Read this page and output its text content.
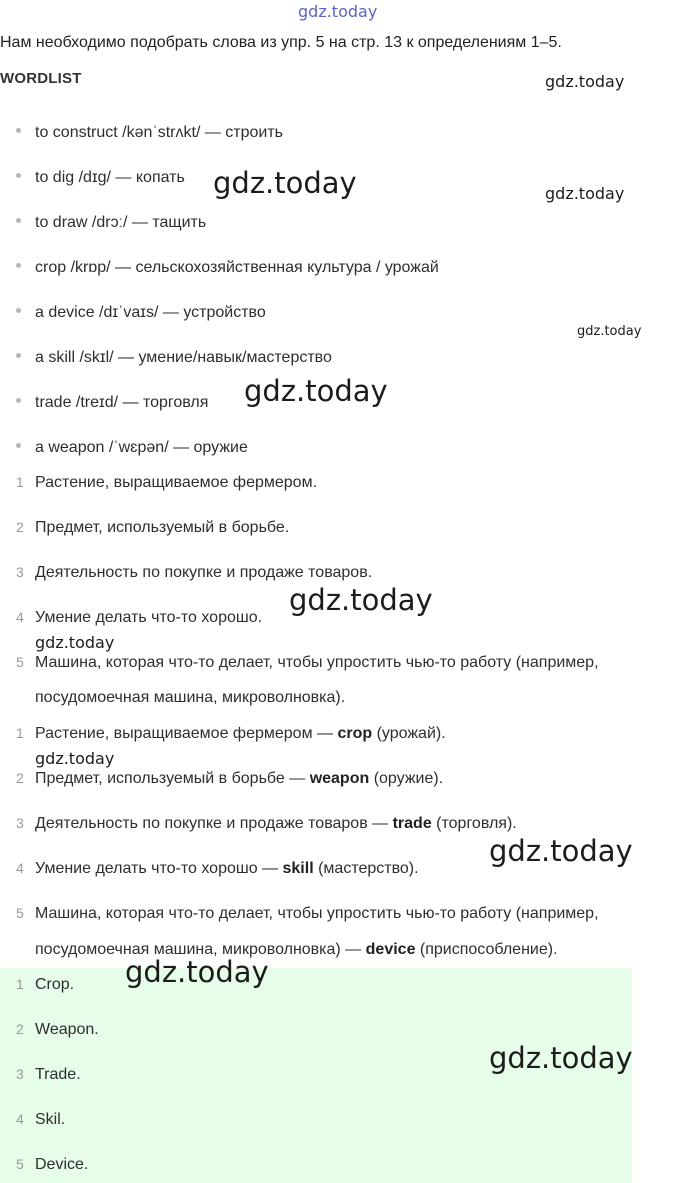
gdz.today
Нам необходимо подобрать слова из упр. 5 на стр. 13 к определениям 1–5.
WORDLIST
to construct /kənˈstrʌkt/ — строить
to dig /dɪg/ — копать
to draw /drɔː/ — тащить
crop /krɒp/ — сельскохозяйственная культура / урожай
a device /dɪˈvaɪs/ — устройство
a skill /skɪl/ — умение/навык/мастерство
trade /treɪd/ — торговля
a weapon /ˈwɛpən/ — оружие
1 Растение, выращиваемое фермером.
2 Предмет, используемый в борьбе.
3 Деятельность по покупке и продаже товаров.
4 Умение делать что-то хорошо.
5 Машина, которая что-то делает, чтобы упростить чью-то работу (например,
посудомоечная машина, микроволновка).
1 Растение, выращиваемое фермером — crop (урожай).
2 Предмет, используемый в борьбе — weapon (оружие).
3 Деятельность по покупке и продаже товаров — trade (торговля).
4 Умение делать что-то хорошо — skill (мастерство).
5 Машина, которая что-то делает, чтобы упростить чью-то работу (например,
посудомоечная машина, микроволновка) — device (приспособление).
1 Crop.
2 Weapon.
3 Trade.
4 Skil.
5 Device.
gdz.today
gdz.today	gdz.today
gdz.today
gdz.today
gdz.today
gdz.today
gdz.today
gdz.today
gdz.today
gdz.today
